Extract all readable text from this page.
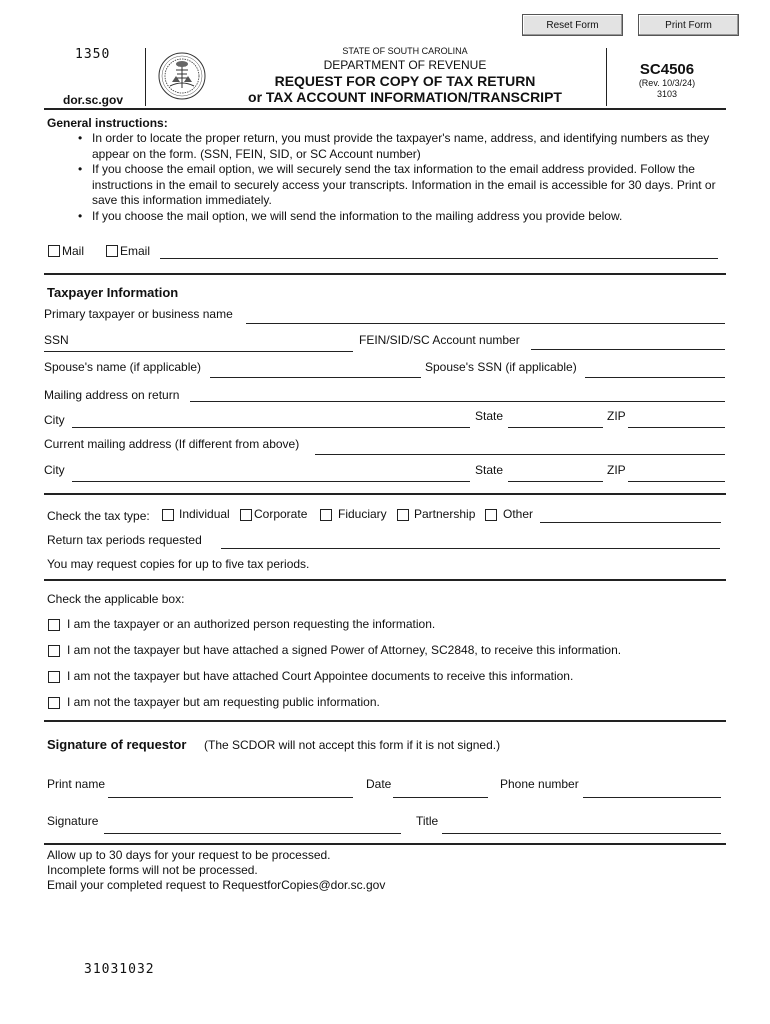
Reset Form	Print Form
1350
dor.sc.gov
STATE OF SOUTH CAROLINA
DEPARTMENT OF REVENUE
REQUEST FOR COPY OF TAX RETURN
or TAX ACCOUNT INFORMATION/TRANSCRIPT
SC4506
(Rev. 10/3/24)
3103
General instructions:
• In order to locate the proper return, you must provide the taxpayer's name, address, and identifying numbers as they appear on the form. (SSN, FEIN, SID, or SC Account number)
• If you choose the email option, we will securely send the tax information to the email address provided. Follow the instructions in the email to securely access your transcripts. Information in the email is accessible for 30 days. Print or save this information immediately.
• If you choose the mail option, we will send the information to the mailing address you provide below.
Mail	Email
Taxpayer Information
Primary taxpayer or business name
SSN	FEIN/SID/SC Account number
Spouse's name (if applicable)	Spouse's SSN (if applicable)
Mailing address on return
City	State	ZIP
Current mailing address (If different from above)
City	State	ZIP
Check the tax type: Individual Corporate	Fiduciary Partnership Other
Return tax periods requested
You may request copies for up to five tax periods.
Check the applicable box:
I am the taxpayer or an authorized person requesting the information.
I am not the taxpayer but have attached a signed Power of Attorney, SC2848, to receive this information.
I am not the taxpayer but have attached Court Appointee documents to receive this information.
I am not the taxpayer but am requesting public information.
Signature of requestor (The SCDOR will not accept this form if it is not signed.)
Print name	Date	Phone number
Signature	Title
Allow up to 30 days for your request to be processed.
Incomplete forms will not be processed.
Email your completed request to RequestforCopies@dor.sc.gov
31031032
